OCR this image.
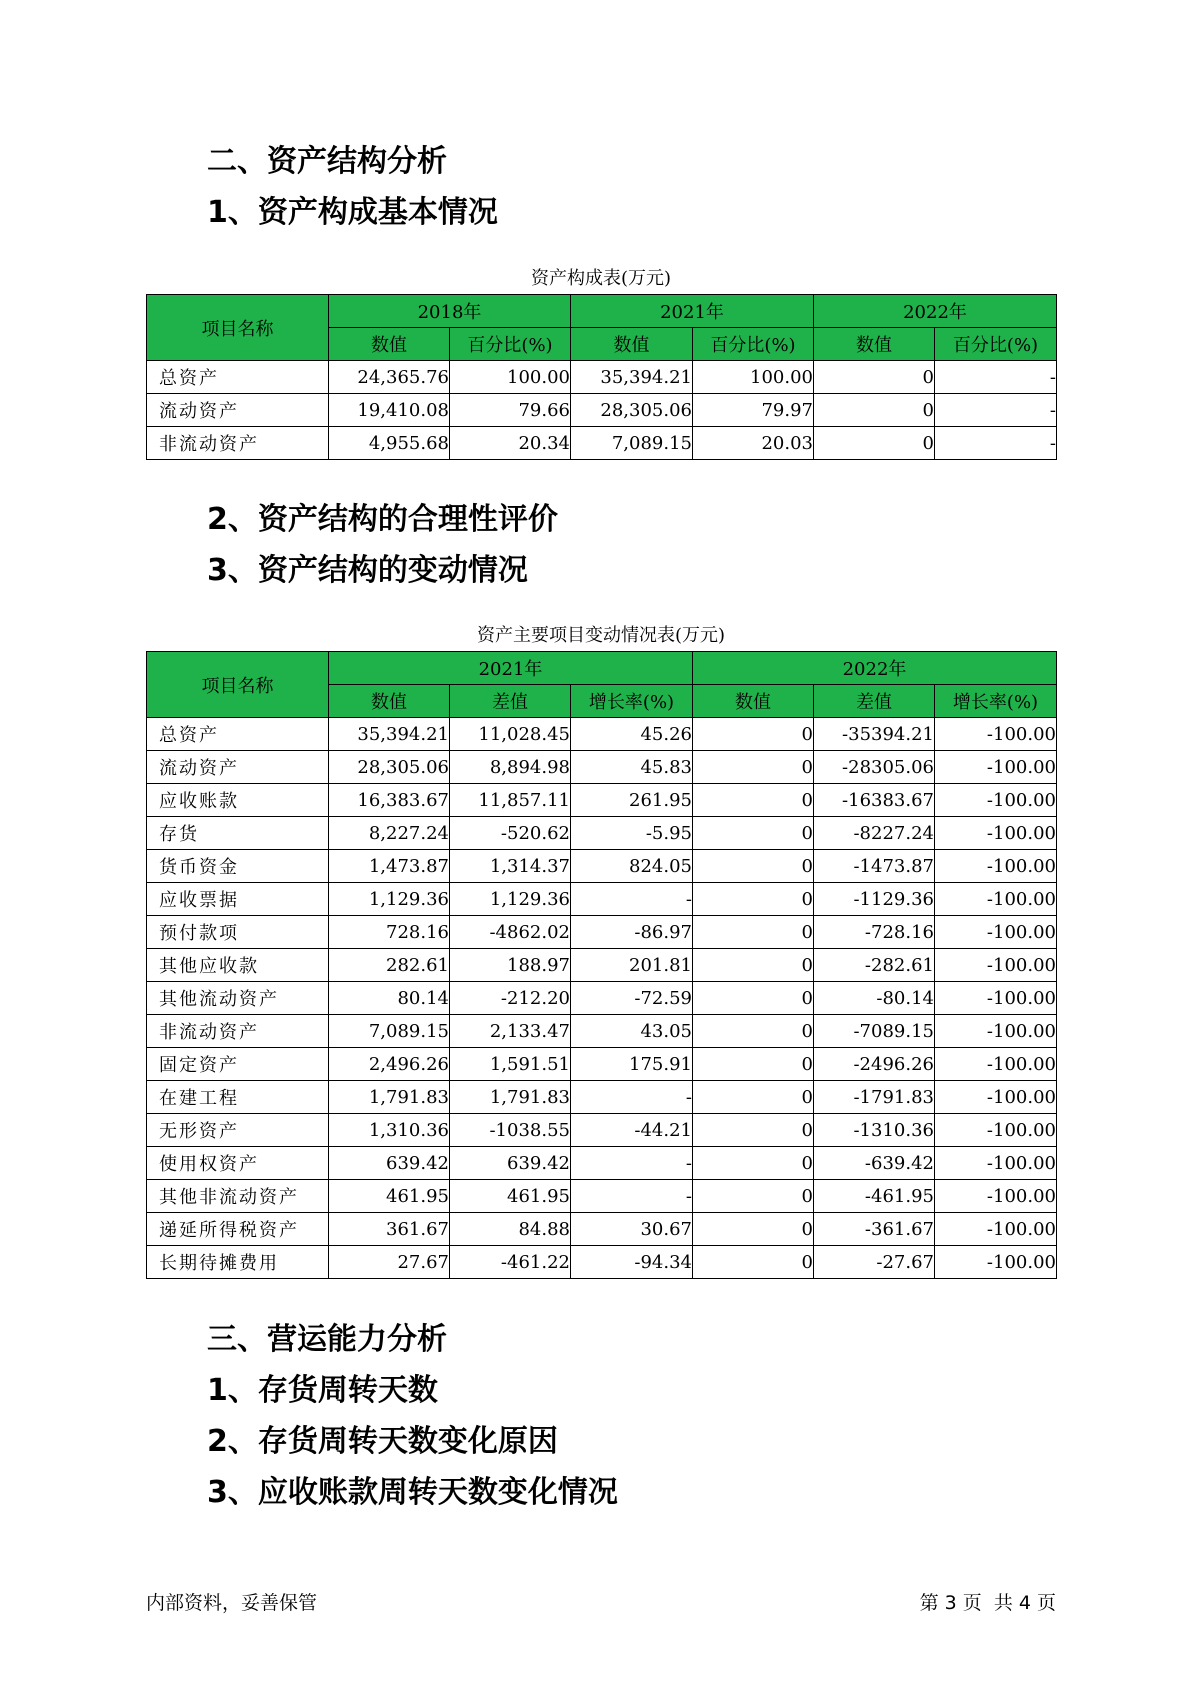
二、资产结构分析
1、资产构成基本情况
资产构成表(万元)
项目名称	2018年		2021年		2022年	
	数值	百分比(%)	数值	百分比(%)	数值	百分比(%)
总资产	24,365.76	100.00	35,394.21	100.00	0	-
流动资产	19,410.08	79.66	28,305.06	79.97	0	-
非流动资产	4,955.68	20.34	7,089.15	20.03	0	-
2、资产结构的合理性评价
3、资产结构的变动情况
资产主要项目变动情况表(万元)
项目名称	2021年			2022年		
	数值	差值	增长率(%)	数值	差值	增长率(%)
总资产	35,394.21	11,028.45	45.26	0	-35394.21	-100.00
流动资产	28,305.06	8,894.98	45.83	0	-28305.06	-100.00
应收账款	16,383.67	11,857.11	261.95	0	-16383.67	-100.00
存货	8,227.24	-520.62	-5.95	0	-8227.24	-100.00
货币资金	1,473.87	1,314.37	824.05	0	-1473.87	-100.00
应收票据	1,129.36	1,129.36	-	0	-1129.36	-100.00
预付款项	728.16	-4862.02	-86.97	0	-728.16	-100.00
其他应收款	282.61	188.97	201.81	0	-282.61	-100.00
其他流动资产	80.14	-212.20	-72.59	0	-80.14	-100.00
非流动资产	7,089.15	2,133.47	43.05	0	-7089.15	-100.00
固定资产	2,496.26	1,591.51	175.91	0	-2496.26	-100.00
在建工程	1,791.83	1,791.83	-	0	-1791.83	-100.00
无形资产	1,310.36	-1038.55	-44.21	0	-1310.36	-100.00
使用权资产	639.42	639.42	-	0	-639.42	-100.00
其他非流动资产	461.95	461.95	-	0	-461.95	-100.00
递延所得税资产	361.67	84.88	30.67	0	-361.67	-100.00
长期待摊费用	27.67	-461.22	-94.34	0	-27.67	-100.00
三、营运能力分析
1、存货周转天数
2、存货周转天数变化原因
3、应收账款周转天数变化情况
内部资料，妥善保管	第 3 页  共 4 页
